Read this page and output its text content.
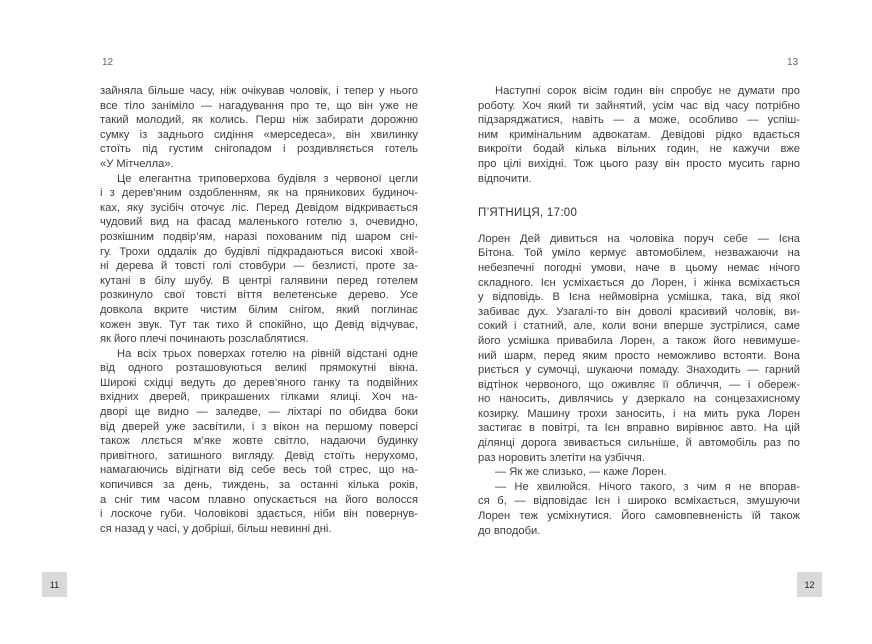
12
зайняла більше часу, ніж очікував чоловік, і тепер у нього
все тіло заніміло — нагадування про те, що він уже не
такий молодий, як колись. Перш ніж забирати дорожню
сумку із заднього сидіння «мерседеса», він хвилинку
стоїть під густим снігопадом і роздивляється готель
«У Мітчелла».
Це елегантна триповерхова будівля з червоної цегли
і з дерев’яним оздобленням, як на пряникових будиноч-
ках, яку зусібіч оточує ліс. Перед Девідом відкривається
чудовий вид на фасад маленького готелю з, очевидно,
розкішним подвір’ям, наразі похованим під шаром сні-
гу. Трохи оддалік до будівлі підкрадаються високі хвой-
ні дерева й товсті голі стовбури — безлисті, проте за-
кутані в білу шубу. В центрі галявини перед готелем
розкинуло свої товсті віття велетенське дерево. Усе
довкола вкрите чистим білим снігом, який поглинає
кожен звук. Тут так тихо й спокійно, що Девід відчуває,
як його плечі починають розслаблятися.
На всіх трьох поверхах готелю на рівній відстані одне
від одного розташовуються великі прямокутні вікна.
Широкі східці ведуть до дерев’яного ганку та подвійних
вхідних дверей, прикрашених гілками ялиці. Хоч на-
дворі ще видно — заледве, — ліхтарі по обидва боки
від дверей уже засвітили, і з вікон на першому поверсі
також ллється м’яке жовте світло, надаючи будинку
привітного, затишного вигляду. Девід стоїть нерухомо,
намагаючись відігнати від себе весь той стрес, що на-
копичився за день, тиждень, за останні кілька років,
а сніг тим часом плавно опускається на його волосся
і лоскоче губи. Чоловікові здається, ніби він повернув-
ся назад у часі, у добріші, більш невинні дні.
11
13
Наступні сорок вісім годин він спробує не думати про
роботу. Хоч який ти зайнятий, усім час від часу потрібно
підзаряджатися, навіть — а може, особливо — успіш-
ним кримінальним адвокатам. Девідові рідко вдається
викроїти бодай кілька вільних годин, не кажучи вже
про цілі вихідні. Тож цього разу він просто мусить гарно
відпочити.
П’ЯТНИЦЯ, 17:00
Лорен Дей дивиться на чоловіка поруч себе — Ієна
Бітона. Той уміло кермує автомобілем, незважаючи на
небезпечні погодні умови, наче в цьому немає нічого
складного. Ієн усміхається до Лорен, і жінка всміхається
у відповідь. В Ієна неймовірна усмішка, така, від якої
забиває дух. Узагалі-то він доволі красивий чоловік, ви-
сокий і статний, але, коли вони вперше зустрілися, саме
його усмішка привабила Лорен, а також його невимуше-
ний шарм, перед яким просто неможливо встояти. Вона
риється у сумочці, шукаючи помаду. Знаходить — гарний
відтінок червоного, що оживляє її обличчя, — і обереж-
но наносить, дивлячись у дзеркало на сонцезахисному
козирку. Машину трохи заносить, і на мить рука Лорен
застигає в повітрі, та Ієн вправно вирівнює авто. На цій
ділянці дорога звивається сильніше, й автомобіль раз по
раз норовить злетіти на узбіччя.
— Як же слизько, — каже Лорен.
— Не хвилюйся. Нічого такого, з чим я не впорав-
ся б, — відповідає Ієн і широко всміхається, змушуючи
Лорен теж усміхнутися. Його самовпевненість їй також
до вподоби.
12
